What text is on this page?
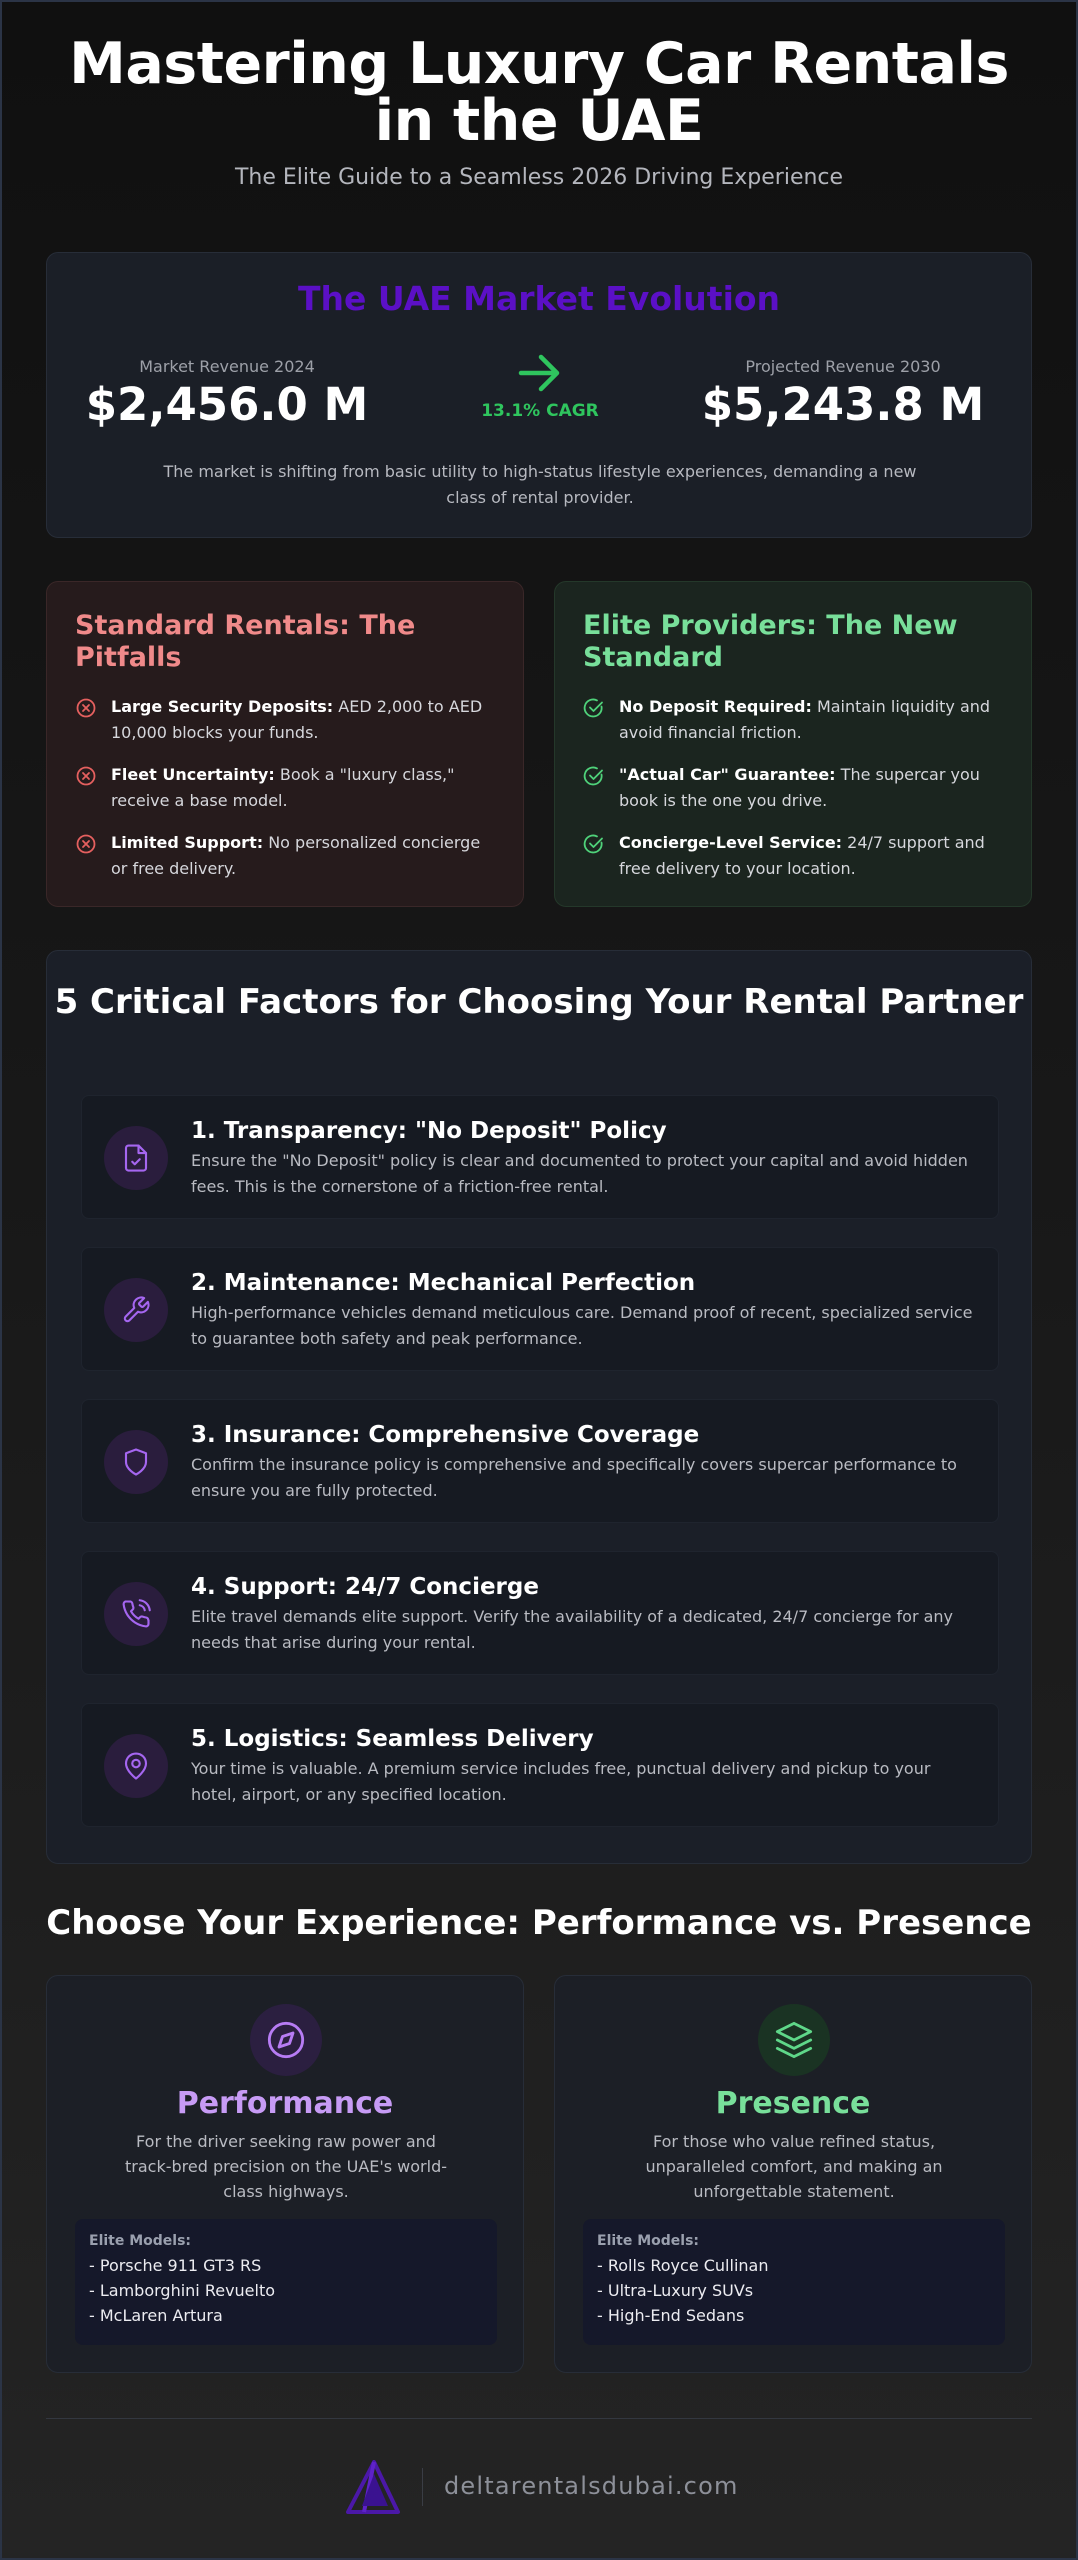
Mastering Luxury Car Rentals in the UAE
The Elite Guide to a Seamless 2026 Driving Experience
The UAE Market Evolution
Market Revenue 2024
$2,456.0 M	13.1% CAGR
Projected Revenue 2030
$5,243.8 M

The market is shifting from basic utility to high-status lifestyle experiences, demanding a new class of rental provider.

Standard Rentals: The Pitfalls
Large Security Deposits: AED 2,000 to AED 10,000 blocks your funds.
Fleet Uncertainty: Book a "luxury class," receive a base model.
Limited Support: No personalized concierge or free delivery.
Elite Providers: The New Standard
No Deposit Required: Maintain liquidity and avoid financial friction.
"Actual Car" Guarantee: The supercar you book is the one you drive.
Concierge-Level Service: 24/7 support and free delivery to your location.
5 Critical Factors for Choosing Your Rental Partner
1. Transparency: "No Deposit" Policy
Ensure the "No Deposit" policy is clear and documented to protect your capital and avoid hidden fees. This is the cornerstone of a friction-free rental.
2. Maintenance: Mechanical Perfection
High-performance vehicles demand meticulous care. Demand proof of recent, specialized service to guarantee both safety and peak performance.
3. Insurance: Comprehensive Coverage
Confirm the insurance policy is comprehensive and specifically covers supercar performance to ensure you are fully protected.
4. Support: 24/7 Concierge
Elite travel demands elite support. Verify the availability of a dedicated, 24/7 concierge for any needs that arise during your rental.
5. Logistics: Seamless Delivery
Your time is valuable. A premium service includes free, punctual delivery and pickup to your hotel, airport, or any specified location.
Choose Your Experience: Performance vs. Presence
Performance

For the driver seeking raw power and track-bred precision on the UAE's world-class highways.

Elite Models:
- Porsche 911 GT3 RS
- Lamborghini Revuelto
- McLaren Artura
Presence

For those who value refined status, unparalleled comfort, and making an unforgettable statement.

Elite Models:
- Rolls Royce Cullinan
- Ultra-Luxury SUVs
- High-End Sedans
deltarentalsdubai.com
